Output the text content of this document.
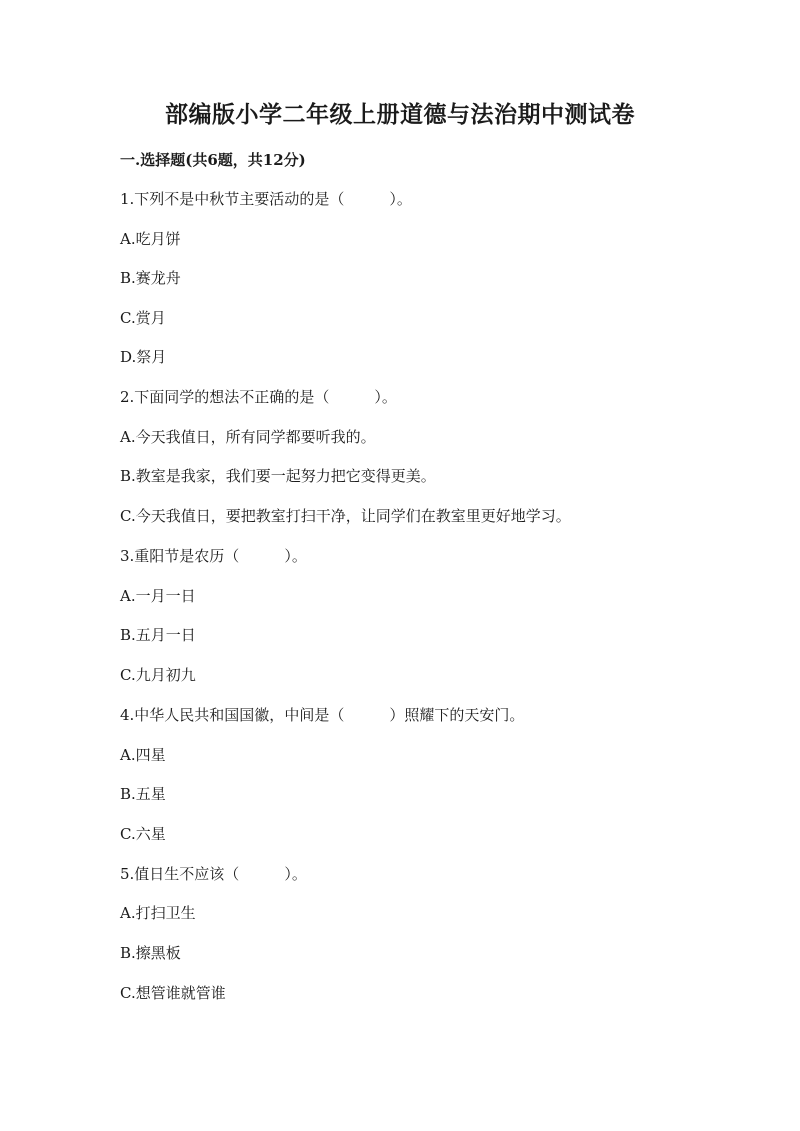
部编版小学二年级上册道德与法治期中测试卷
一.选择题(共6题，共12分)
1.下列不是中秋节主要活动的是（　　　）。
A.吃月饼
B.赛龙舟
C.赏月
D.祭月
2.下面同学的想法不正确的是（　　　）。
A.今天我值日，所有同学都要听我的。
B.教室是我家，我们要一起努力把它变得更美。
C.今天我值日，要把教室打扫干净，让同学们在教室里更好地学习。
3.重阳节是农历（　　　）。
A.一月一日
B.五月一日
C.九月初九
4.中华人民共和国国徽，中间是（　　　）照耀下的天安门。
A.四星
B.五星
C.六星
5.值日生不应该（　　　）。
A.打扫卫生
B.擦黑板
C.想管谁就管谁
